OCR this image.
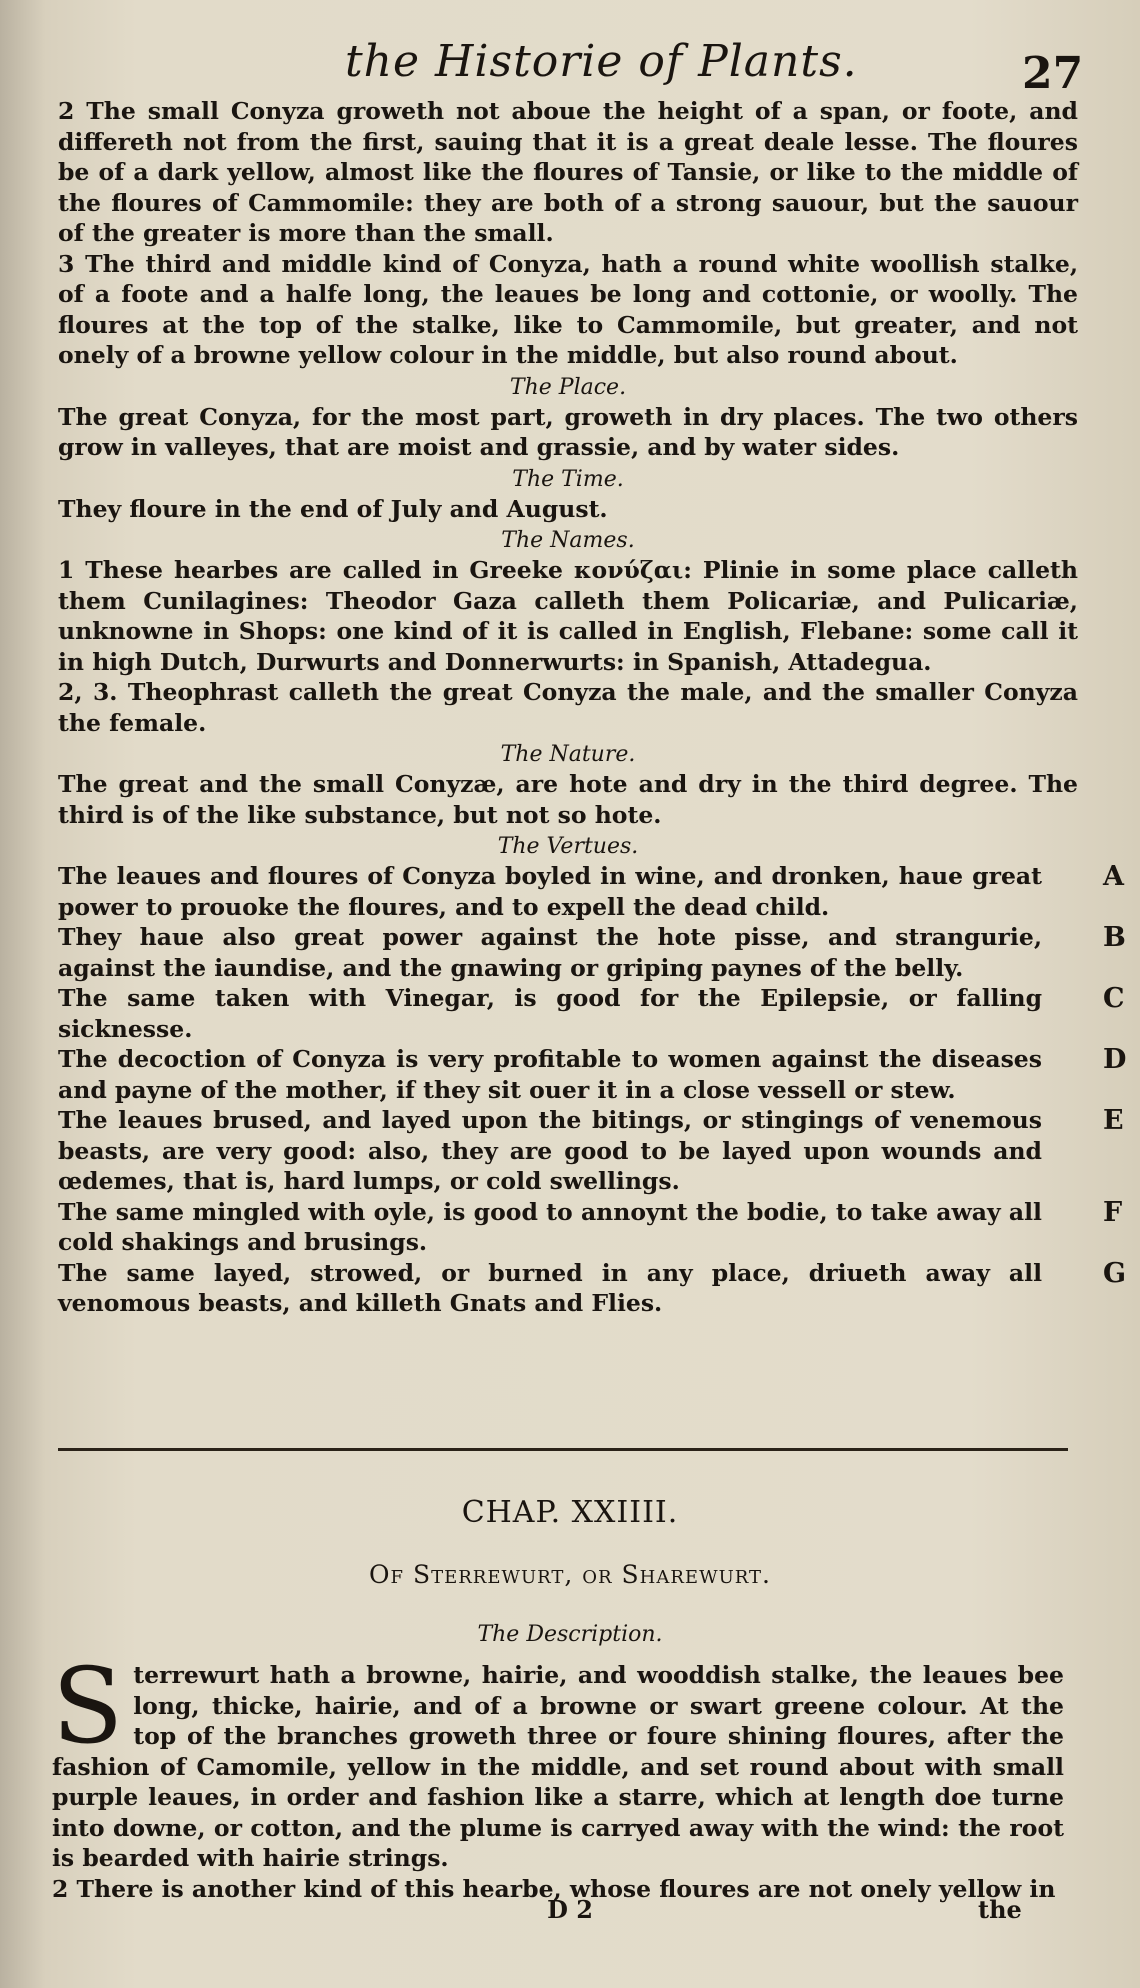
the Historie of Plants.	27

2 The small Conyza groweth not aboue the height of a span, or foote, and differeth not from the first, sauing that it is a great deale lesse. The floures be of a dark yellow, almost like the floures of Tansie, or like to the middle of the floures of Cammomile: they are both of a strong sauour, but the sauour of the greater is more than the small.

3 The third and middle kind of Conyza, hath a round white woollish stalke, of a foote and a halfe long, the leaues be long and cottonie, or woolly. The floures at the top of the stalke, like to Cammomile, but greater, and not onely of a browne yellow colour in the middle, but also round about.

The Place.

The great Conyza, for the most part, groweth in dry places. The two others grow in valleyes, that are moist and grassie, and by water sides.

The Time.

They floure in the end of July and August.

The Names.

1 These hearbes are called in Greeke κονύζαι: Plinie in some place calleth them Cunilagines: Theodor Gaza calleth them Policariæ, and Pulicariæ, unknowne in Shops: one kind of it is called in English, Flebane: some call it in high Dutch, Durwurts and Donnerwurts: in Spanish, Attadegua.

2, 3. Theophrast calleth the great Conyza the male, and the smaller Conyza the female.

The Nature.

The great and the small Conyzæ, are hote and dry in the third degree. The third is of the like substance, but not so hote.

The Vertues.

The leaues and floures of Conyza boyled in wine, and dronken, haue great power to prouoke the floures, and to expell the dead child.

A

They haue also great power against the hote pisse, and strangurie, against the iaundise, and the gnawing or griping paynes of the belly.

B

The same taken with Vinegar, is good for the Epilepsie, or falling sicknesse.

C

The decoction of Conyza is very profitable to women against the diseases and payne of the mother, if they sit ouer it in a close vessell or stew.

D

The leaues brused, and layed upon the bitings, or stingings of venemous beasts, are very good: also, they are good to be layed upon wounds and œdemes, that is, hard lumps, or cold swellings.

E

The same mingled with oyle, is good to annoynt the bodie, to take away all cold shakings and brusings.

F

The same layed, strowed, or burned in any place, driueth away all venomous beasts, and killeth Gnats and Flies.

G
CHAP. XXIIII.
Of Sterrewurt, or Sharewurt.
The Description.

Sterrewurt hath a browne, hairie, and wooddish stalke, the leaues bee long, thicke, hairie, and of a browne or swart greene colour. At the top of the branches groweth three or foure shining floures, after the fashion of Camomile, yellow in the middle, and set round about with small purple leaues, in order and fashion like a starre, which at length doe turne into downe, or cotton, and the plume is carryed away with the wind: the root is bearded with hairie strings.

2 There is another kind of this hearbe, whose floures are not onely yellow in

D 2	the
